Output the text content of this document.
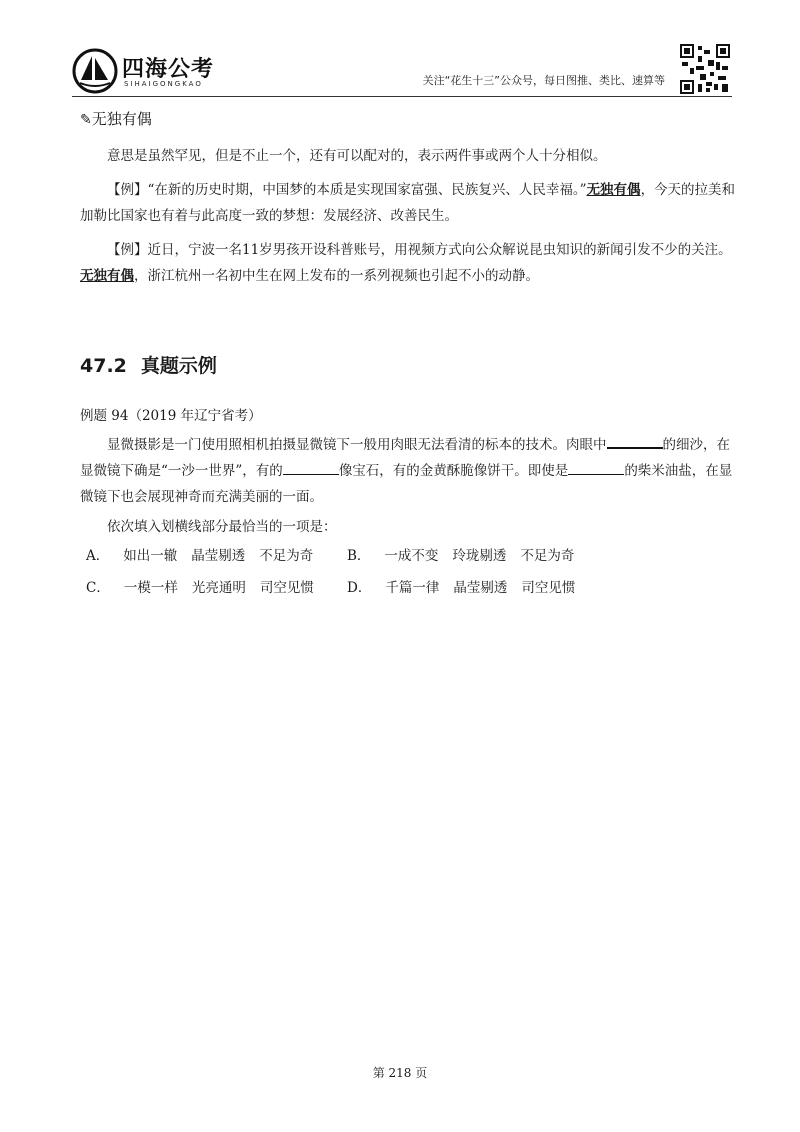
四海公考
SIHAIGONGKAO	关注“花生十三”公众号，每日图推、类比、速算等
✎无独有偶

意思是虽然罕见，但是不止一个，还有可以配对的，表示两件事或两个人十分相似。

【例】“在新的历史时期，中国梦的本质是实现国家富强、民族复兴、人民幸福。”无独有偶，今天的拉美和加勒比国家也有着与此高度一致的梦想：发展经济、改善民生。

【例】近日，宁波一名11岁男孩开设科普账号，用视频方式向公众解说昆虫知识的新闻引发不少的关注。无独有偶，浙江杭州一名初中生在网上发布的一系列视频也引起不小的动静。

47.2 真题示例
例题 94（2019 年辽宁省考）

显微摄影是一门使用照相机拍摄显微镜下一般用肉眼无法看清的标本的技术。肉眼中	的细沙，在显微镜下确是“一沙一世界”，有的	像宝石，有的金黄酥脆像饼干。即使是	的柴米油盐，在显微镜下也会展现神奇而充满美丽的一面。

依次填入划横线部分最恰当的一项是：

A． 如出一辙 晶莹剔透 不足为奇	B． 一成不变 玲珑剔透 不足为奇
C． 一模一样 光亮通明 司空见惯	D． 千篇一律 晶莹剔透 司空见惯
第 218 页
